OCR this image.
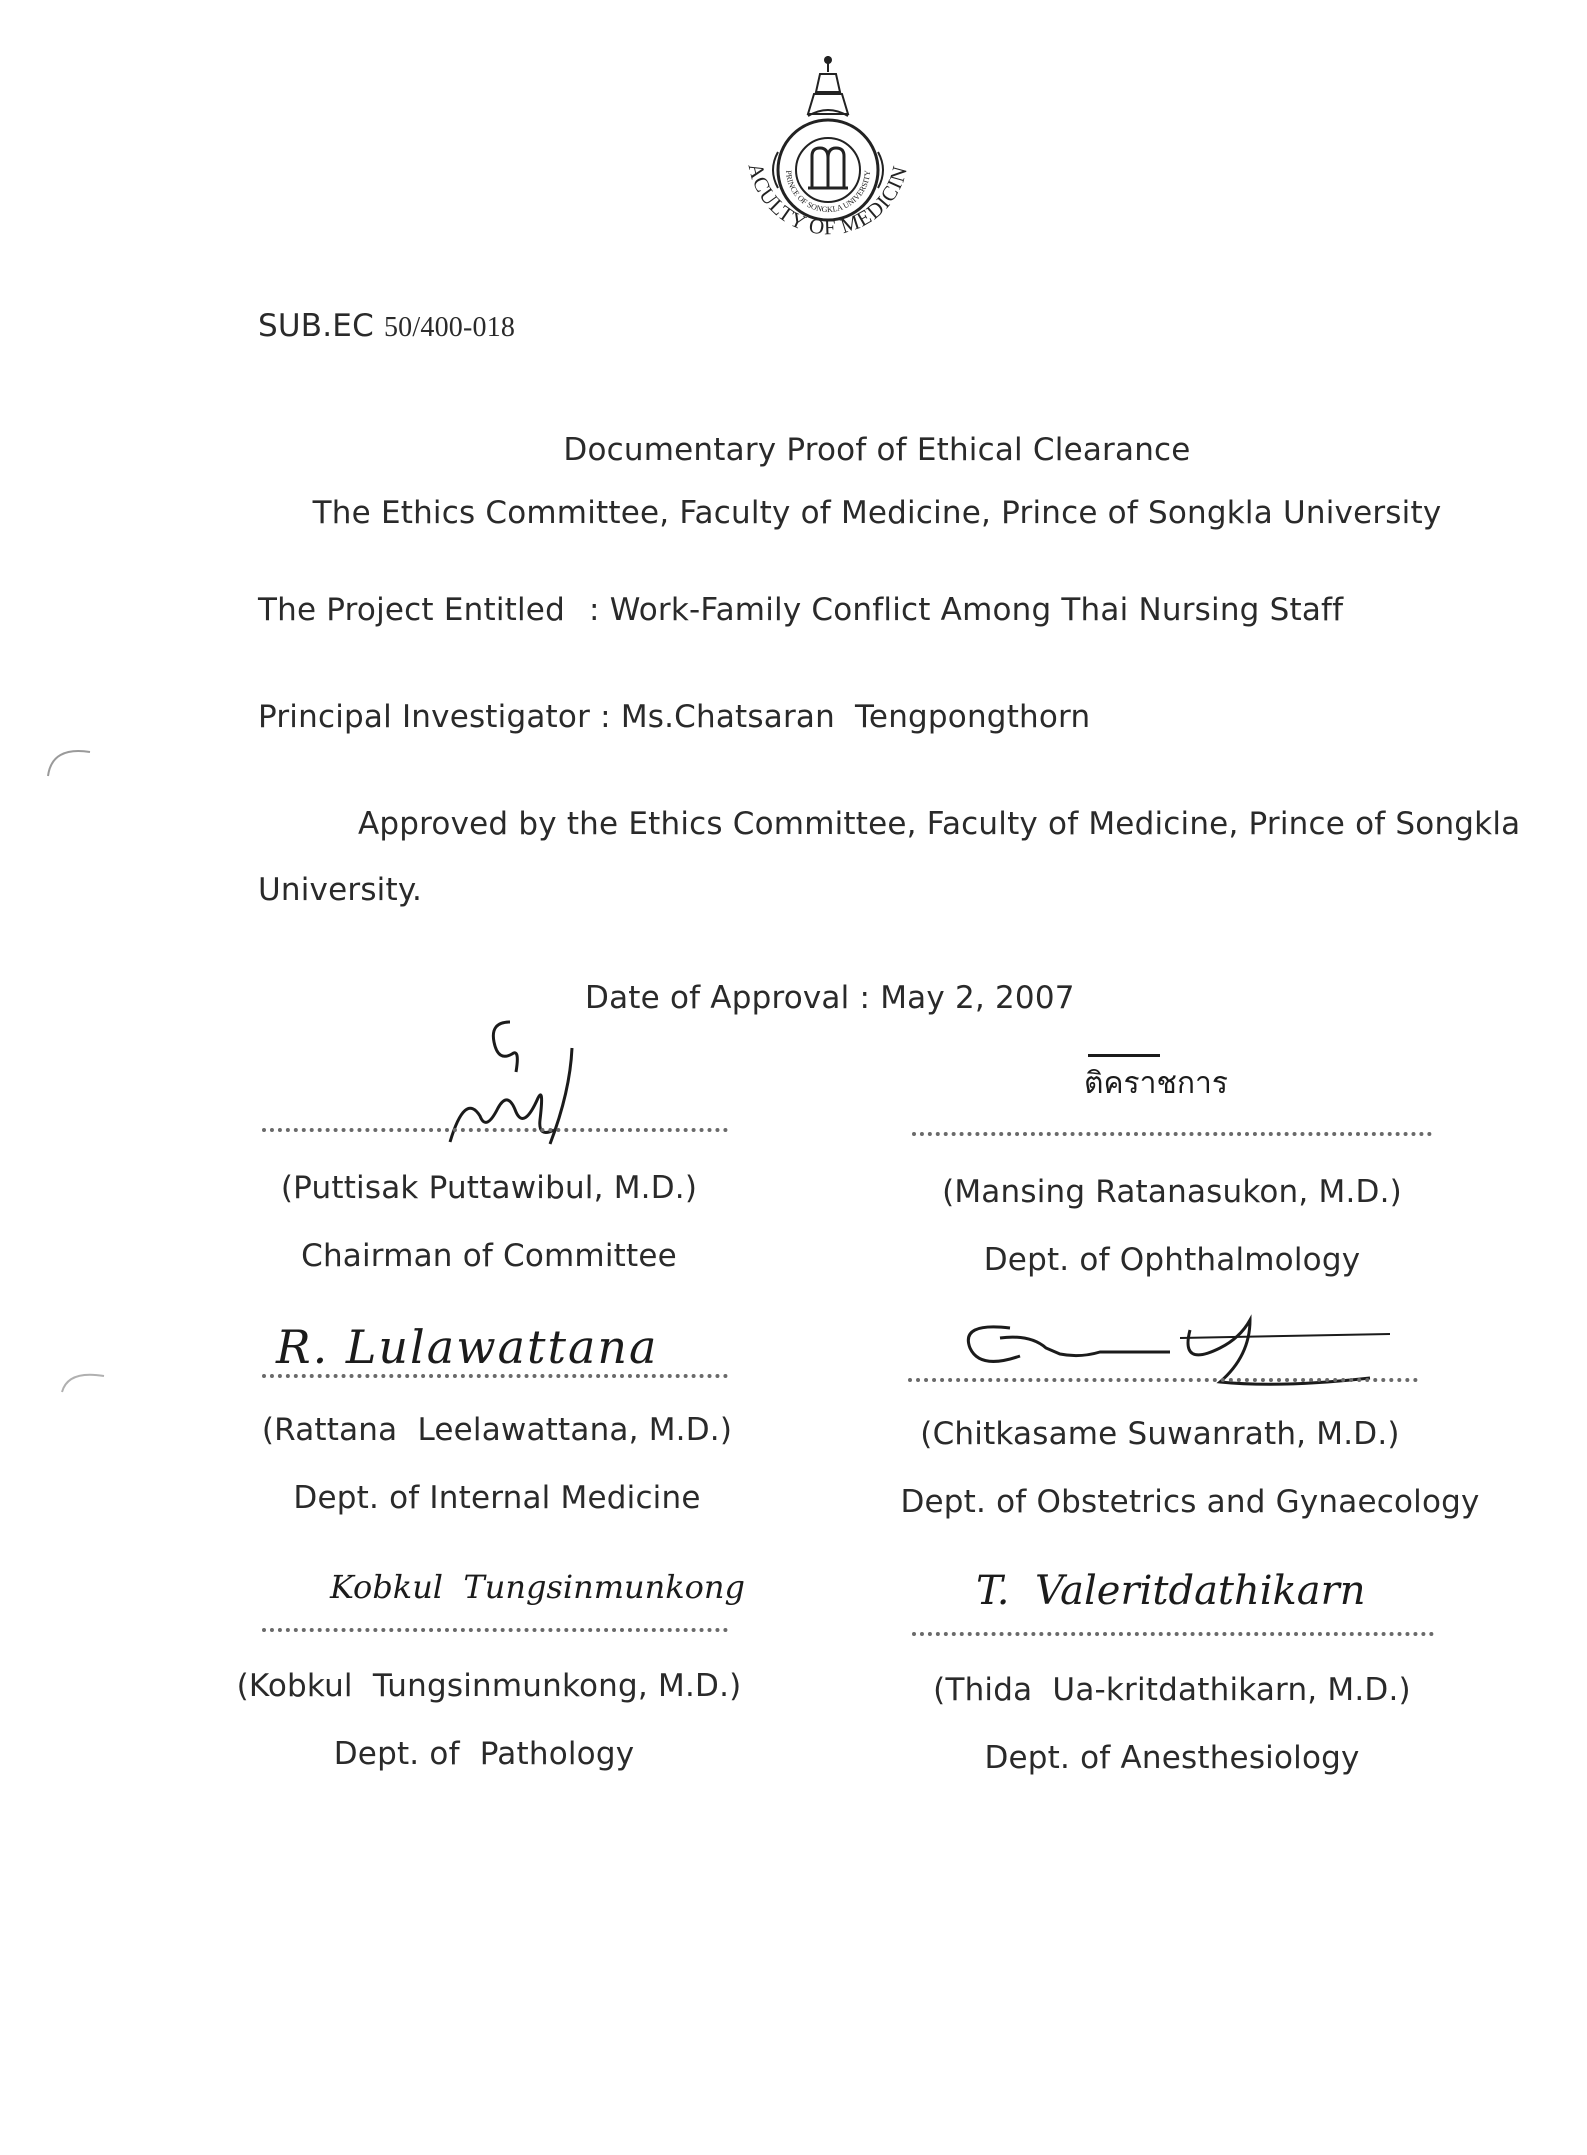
ACULTY OF MEDICIN
PRINCE OF SONGKLA UNIVERSITY
SUB.EC 50/400-018
Documentary Proof of Ethical Clearance
The Ethics Committee, Faculty of Medicine, Prince of Songkla University
The Project Entitled : Work-Family Conflict Among Thai Nursing Staff
Principal Investigator : Ms.Chatsaran  Tengpongthorn
Approved by the Ethics Committee, Faculty of Medicine, Prince of Songkla
University.
Date of Approval : May 2, 2007
(Puttisak Puttawibul, M.D.)
Chairman of Committee
ติคราชการ
(Mansing Ratanasukon, M.D.)
Dept. of Ophthalmology
R. Lulawattana
(Rattana  Leelawattana, M.D.)
Dept. of Internal Medicine
(Chitkasame Suwanrath, M.D.)
Dept. of Obstetrics and Gynaecology
Kobkul  Tungsinmunkong
(Kobkul  Tungsinmunkong, M.D.)
Dept. of  Pathology
T.  Valeritdathikarn
(Thida  Ua-kritdathikarn, M.D.)
Dept. of Anesthesiology
